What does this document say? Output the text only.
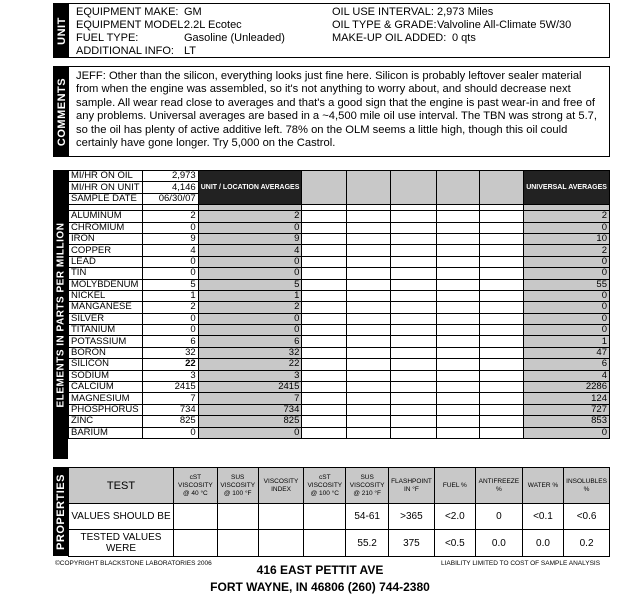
UNIT
EQUIPMENT MAKE: GM
EQUIPMENT MODEL:
2.2L Ecotec
FUEL TYPE:	Gasoline (Unleaded)
ADDITIONAL INFO: LT
OIL USE INTERVAL: 2,973 Miles
OIL TYPE & GRADE: Valvoline All-Climate 5W/30
MAKE-UP OIL ADDED: 0 qts
COMMENTS
JEFF: Other than the silicon, everything looks just fine here. Silicon is probably leftover sealer material from when the engine was assembled, so it's not anything to worry about, and should decrease next sample. All wear read close to averages and that's a good sign that the engine is past wear-in and free of any problems. Universal averages are based in a ~4,500 mile oil use interval. The TBN was strong at 5.7, so the oil has plenty of active additive left. 78% on the OLM seems a little high, though this oil could certainly have gone longer. Try 5,000 on the Castrol.
ELEMENTS IN PARTS PER MILLION
MI/HR ON OIL	2,973	UNIT / LOCATION AVERAGES						UNIVERSAL AVERAGES
MI/HR ON UNIT	4,146							
SAMPLE DATE	06/30/07							

ALUMINUM	2	2						2
CHROMIUM	0	0						0
IRON	9	9						10
COPPER	4	4						2
LEAD	0	0						0
TIN	0	0						0
MOLYBDENUM	5	5						55
NICKEL	1	1						0
MANGANESE	2	2						0
SILVER	0	0						0
TITANIUM	0	0						0
POTASSIUM	6	6						1
BORON	32	32						47
SILICON	22	22						6
SODIUM	3	3						4
CALCIUM	2415	2415						2286
MAGNESIUM	7	7						124
PHOSPHORUS	734	734						727
ZINC	825	825						853
BARIUM	0	0						0
PROPERTIES	TEST	cST VISCOSITY @ 40 °C	SUS VISCOSITY @ 100 °F	VISCOSITY INDEX	cST VISCOSITY @ 100 °C	SUS VISCOSITY @ 210 °F	FLASHPOINT IN °F	FUEL %	ANTIFREEZE %	WATER %	INSOLUBLES %
VALUES SHOULD BE					54-61	>365	<2.0	0	<0.1	<0.6
TESTED VALUES WERE					55.2	375	<0.5	0.0	0.0	0.2
©COPYRIGHT BLACKSTONE LABORATORIES 2006	LIABILITY LIMITED TO COST OF SAMPLE ANALYSIS
416 EAST PETTIT AVE
FORT WAYNE, IN 46806 (260) 744-2380
